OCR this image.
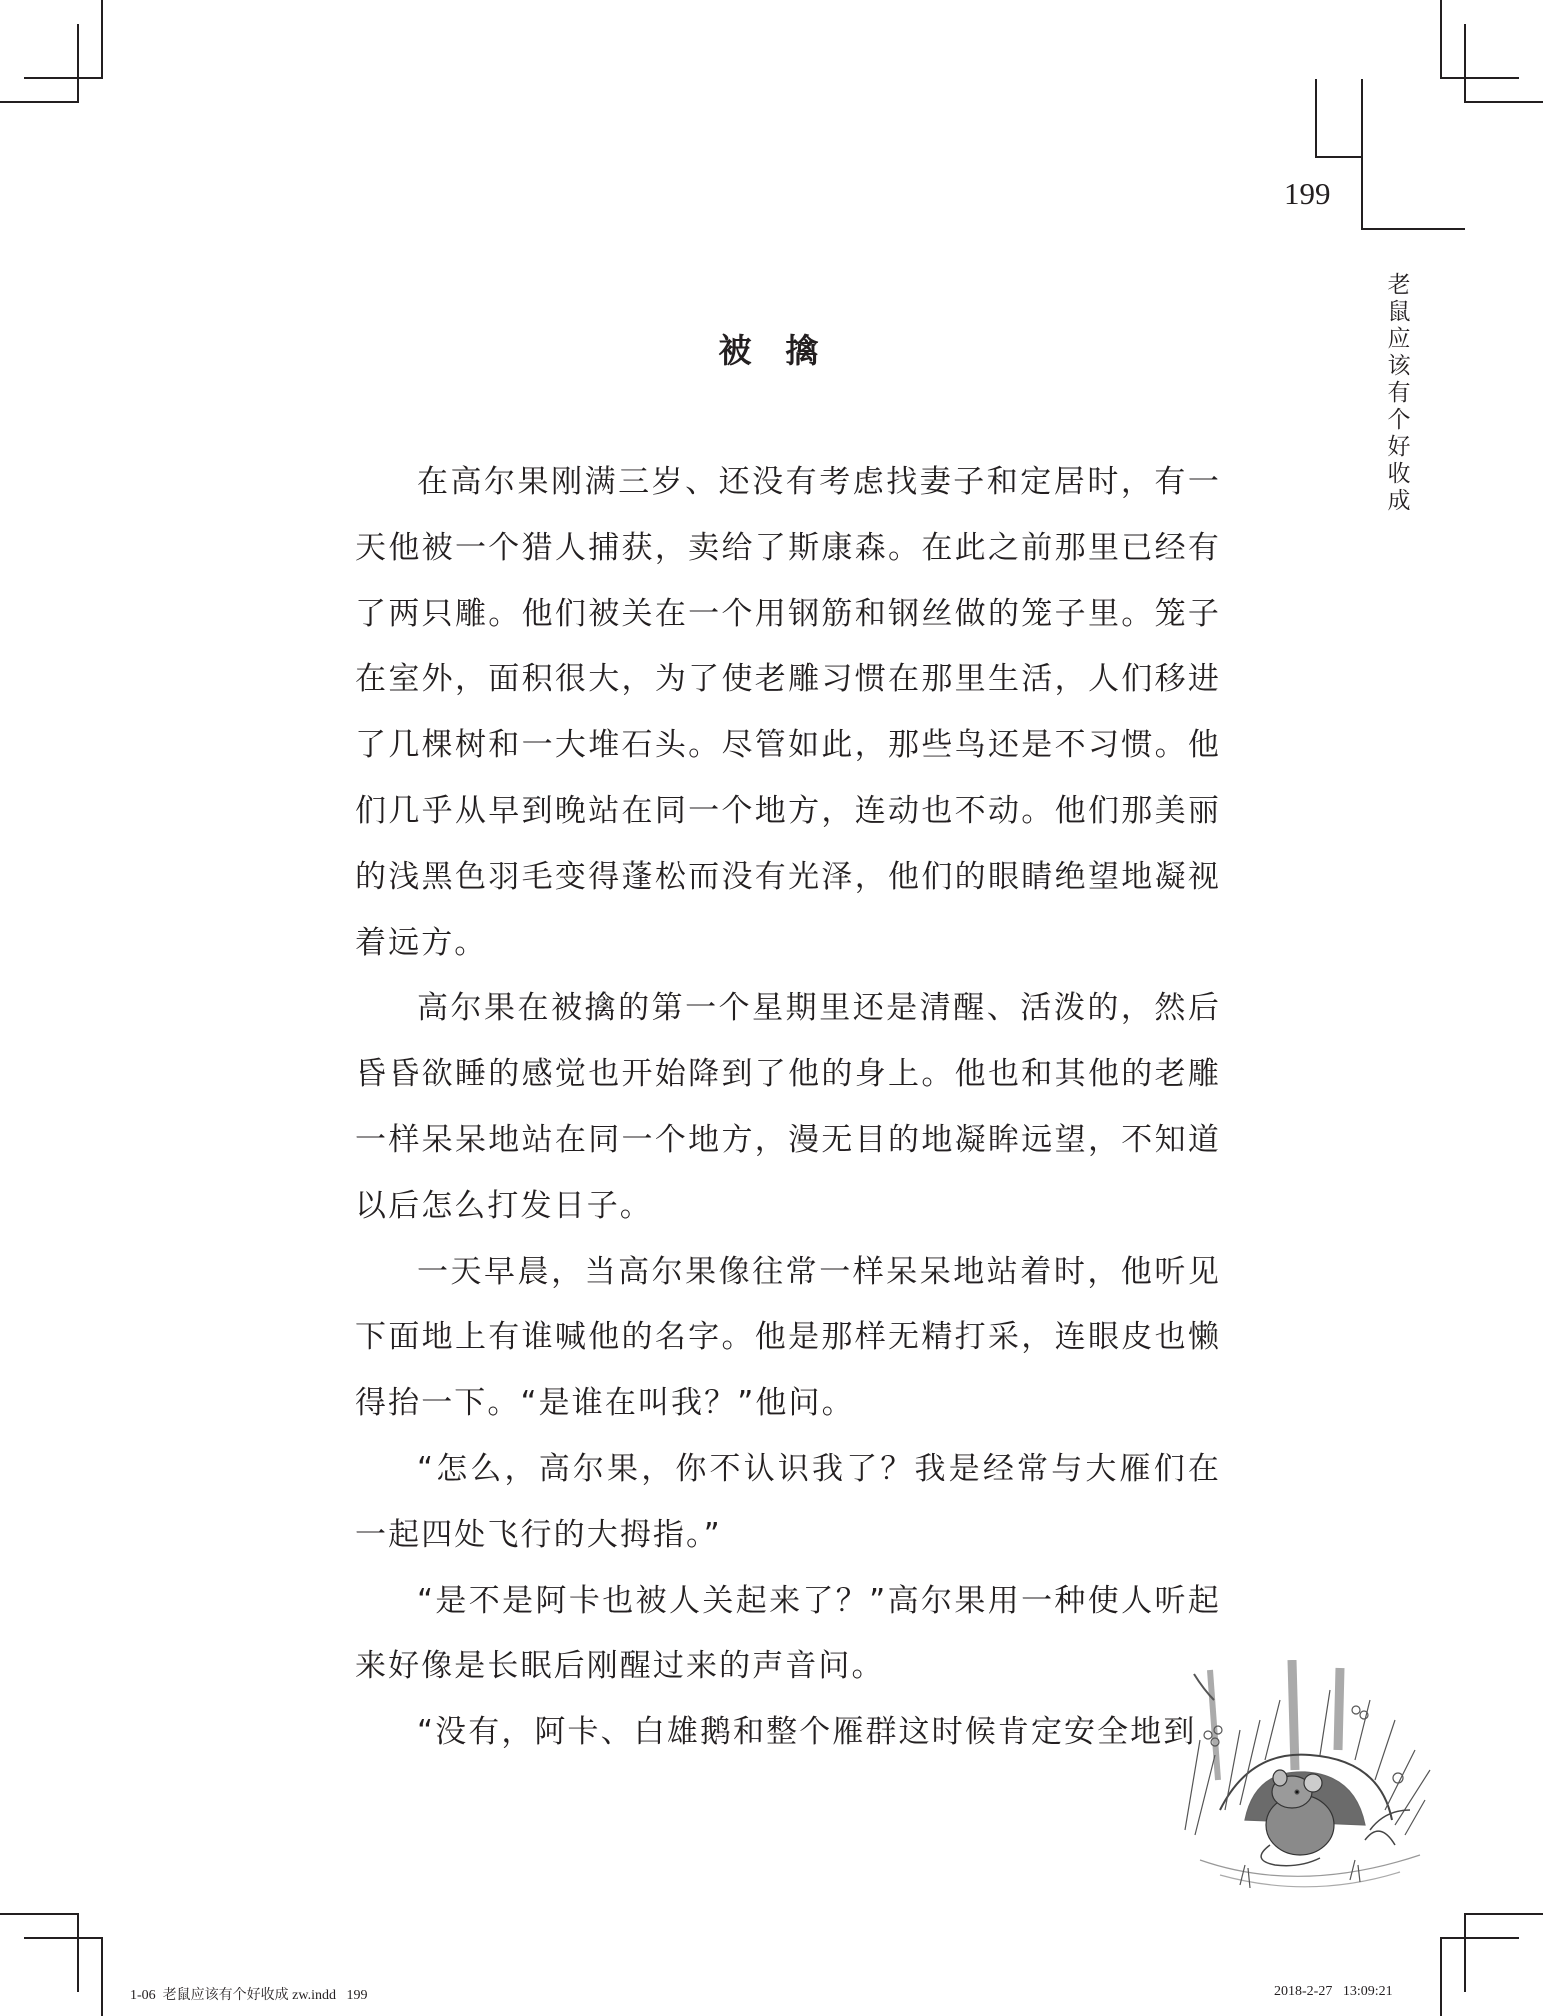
199
老鼠应该有个好收成
被擒

在高尔果刚满三岁、还没有考虑找妻子和定居时，有一天他被一个猎人捕获，卖给了斯康森。在此之前那里已经有了两只雕。他们被关在一个用钢筋和钢丝做的笼子里。笼子在室外，面积很大，为了使老雕习惯在那里生活，人们移进了几棵树和一大堆石头。尽管如此，那些鸟还是不习惯。他们几乎从早到晚站在同一个地方，连动也不动。他们那美丽的浅黑色羽毛变得蓬松而没有光泽，他们的眼睛绝望地凝视着远方。

高尔果在被擒的第一个星期里还是清醒、活泼的，然后昏昏欲睡的感觉也开始降到了他的身上。他也和其他的老雕一样呆呆地站在同一个地方，漫无目的地凝眸远望，不知道以后怎么打发日子。

一天早晨，当高尔果像往常一样呆呆地站着时，他听见下面地上有谁喊他的名字。他是那样无精打采，连眼皮也懒得抬一下。“是谁在叫我？”他问。

“怎么，高尔果，你不认识我了？我是经常与大雁们在一起四处飞行的大拇指。”

“是不是阿卡也被人关起来了？”高尔果用一种使人听起来好像是长眠后刚醒过来的声音问。

“没有，阿卡、白雄鹅和整个雁群这时候肯定安全地到

1-06  老鼠应该有个好收成 zw.indd   199	2018-2-27   13:09:21
